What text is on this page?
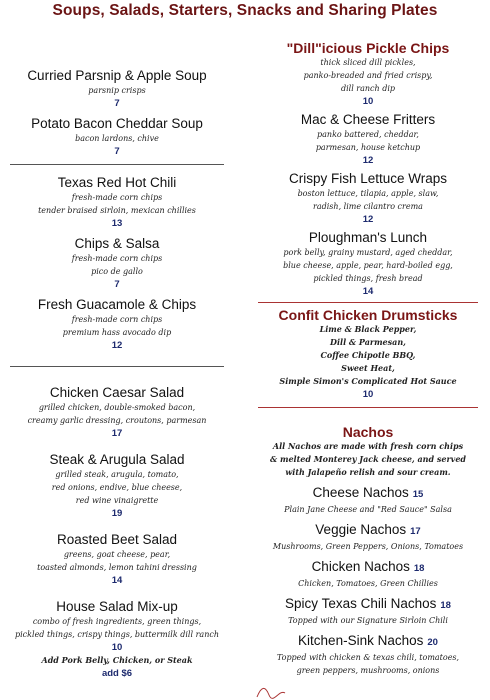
Soups, Salads, Starters, Snacks and Sharing Plates
Curried Parsnip & Apple Soup
parsnip crisps
7
Potato Bacon Cheddar Soup
bacon lardons, chive
7
Texas Red Hot Chili
fresh-made corn chips
tender braised sirloin, mexican chillies
13
Chips & Salsa
fresh-made corn chips
pico de gallo
7
Fresh Guacamole & Chips
fresh-made corn chips
premium hass avocado dip
12
Chicken Caesar Salad
grilled chicken, double-smoked bacon,
creamy garlic dressing, croutons, parmesan
17
Steak & Arugula Salad
grilled steak, arugula, tomato,
red onions, endive, blue cheese,
red wine vinaigrette
19
Roasted Beet Salad
greens, goat cheese, pear,
toasted almonds, lemon tahini dressing
14
House Salad Mix-up
combo of fresh ingredients, green things,
pickled things, crispy things, buttermilk dill ranch
10
Add Pork Belly, Chicken, or Steak
add $6
"Dill"icious Pickle Chips
thick sliced dill pickles,
panko-breaded and fried crispy,
dill ranch dip
10
Mac & Cheese Fritters
panko battered, cheddar,
parmesan, house ketchup
12
Crispy Fish Lettuce Wraps
boston lettuce, tilapia, apple, slaw,
radish, lime cilantro crema
12
Ploughman's Lunch
pork belly, grainy mustard, aged cheddar,
blue cheese, apple, pear, hard-boiled egg,
pickled things, fresh bread
14
Confit Chicken Drumsticks
Lime & Black Pepper,
Dill & Parmesan,
Coffee Chipotle BBQ,
Sweet Heat,
Simple Simon's Complicated Hot Sauce
10
Nachos
All Nachos are made with fresh corn chips
& melted Monterey Jack cheese, and served
with Jalapeño relish and sour cream.
Cheese Nachos 15
Plain Jane Cheese and "Red Sauce" Salsa
Veggie Nachos 17
Mushrooms, Green Peppers, Onions, Tomatoes
Chicken Nachos 18
Chicken, Tomatoes, Green Chillies
Spicy Texas Chili Nachos 18
Topped with our Signature Sirloin Chili
Kitchen-Sink Nachos 20
Topped with chicken & texas chili, tomatoes,
green peppers, mushrooms, onions
